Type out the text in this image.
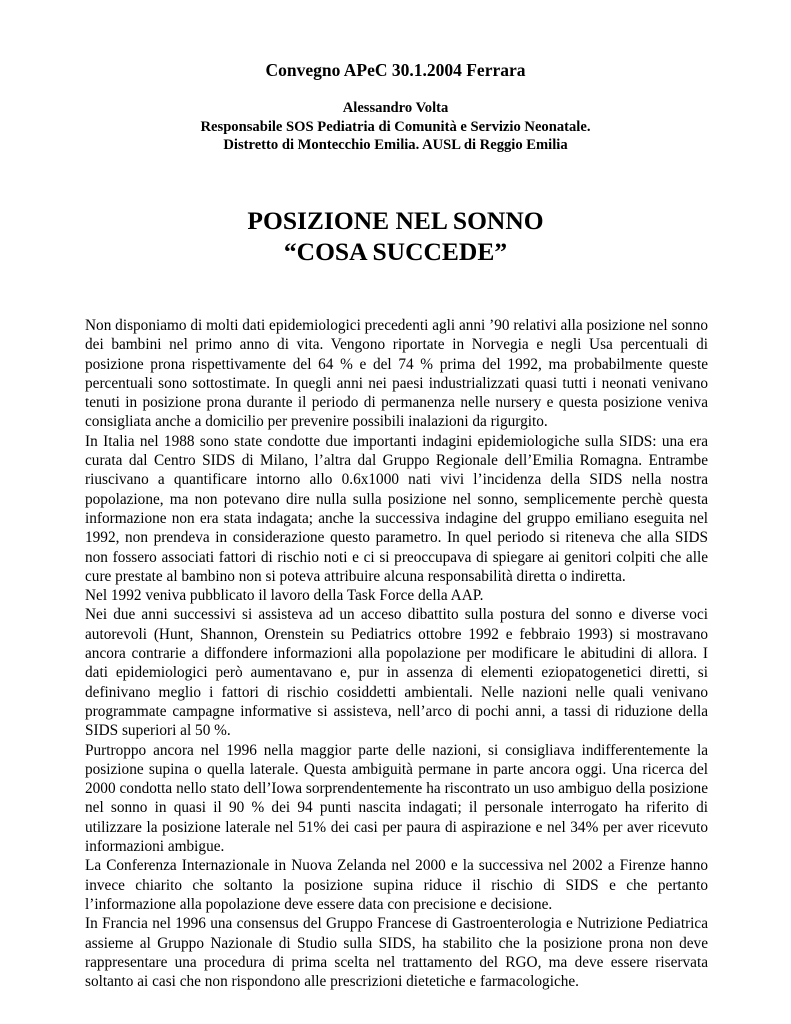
Convegno APeC 30.1.2004 Ferrara
Alessandro Volta
Responsabile SOS Pediatria di Comunità e Servizio Neonatale.
Distretto di Montecchio Emilia. AUSL di Reggio Emilia
POSIZIONE NEL SONNO
“COSA SUCCEDE”

Non disponiamo di molti dati epidemiologici precedenti agli anni ’90 relativi alla posizione nel sonno dei bambini nel primo anno di vita. Vengono riportate in Norvegia e negli Usa percentuali di posizione prona rispettivamente del 64 % e del 74 % prima del 1992, ma probabilmente queste percentuali sono sottostimate. In quegli anni nei paesi industrializzati quasi tutti i neonati venivano tenuti in posizione prona durante il periodo di permanenza nelle nursery e questa posizione veniva consigliata anche a domicilio per prevenire possibili inalazioni da rigurgito.

In Italia nel 1988 sono state condotte due importanti indagini epidemiologiche sulla SIDS: una era curata dal Centro SIDS di Milano, l’altra dal Gruppo Regionale dell’Emilia Romagna. Entrambe riuscivano a quantificare intorno allo 0.6x1000 nati vivi l’incidenza della SIDS nella nostra popolazione, ma non potevano dire nulla sulla posizione nel sonno, semplicemente perchè questa informazione non era stata indagata; anche la successiva indagine del gruppo emiliano eseguita nel 1992, non prendeva in considerazione questo parametro. In quel periodo si riteneva che alla SIDS non fossero associati fattori di rischio noti e ci si preoccupava di spiegare ai genitori colpiti che alle cure prestate al bambino non si poteva attribuire alcuna responsabilità diretta o indiretta.

Nel 1992 veniva pubblicato il lavoro della Task Force della AAP.

Nei due anni successivi si assisteva ad un acceso dibattito sulla postura del sonno e diverse voci autorevoli (Hunt, Shannon, Orenstein su Pediatrics ottobre 1992 e febbraio 1993) si mostravano ancora contrarie a diffondere informazioni alla popolazione per modificare le abitudini di allora. I dati epidemiologici però aumentavano e, pur in assenza di elementi eziopatogenetici diretti, si definivano meglio i fattori di rischio cosiddetti ambientali. Nelle nazioni nelle quali venivano programmate campagne informative si assisteva, nell’arco di pochi anni, a tassi di riduzione della SIDS superiori al 50 %.

Purtroppo ancora nel 1996 nella maggior parte delle nazioni, si consigliava indifferentemente la posizione supina o quella laterale. Questa ambiguità permane in parte ancora oggi. Una ricerca del 2000 condotta nello stato dell’Iowa sorprendentemente ha riscontrato un uso ambiguo della posizione nel sonno in quasi il 90 % dei 94 punti nascita indagati; il personale interrogato ha riferito di utilizzare la posizione laterale nel 51% dei casi per paura di aspirazione e nel 34% per aver ricevuto informazioni ambigue.

La Conferenza Internazionale in Nuova Zelanda nel 2000 e la successiva nel 2002 a Firenze hanno invece chiarito che soltanto la posizione supina riduce il rischio di SIDS e che pertanto l’informazione alla popolazione deve essere data con precisione e decisione.

In Francia nel 1996 una consensus del Gruppo Francese di Gastroenterologia e Nutrizione Pediatrica assieme al Gruppo Nazionale di Studio sulla SIDS, ha stabilito che la posizione prona non deve rappresentare una procedura di prima scelta nel trattamento del RGO, ma deve essere riservata soltanto ai casi che non rispondono alle prescrizioni dietetiche e farmacologiche.
